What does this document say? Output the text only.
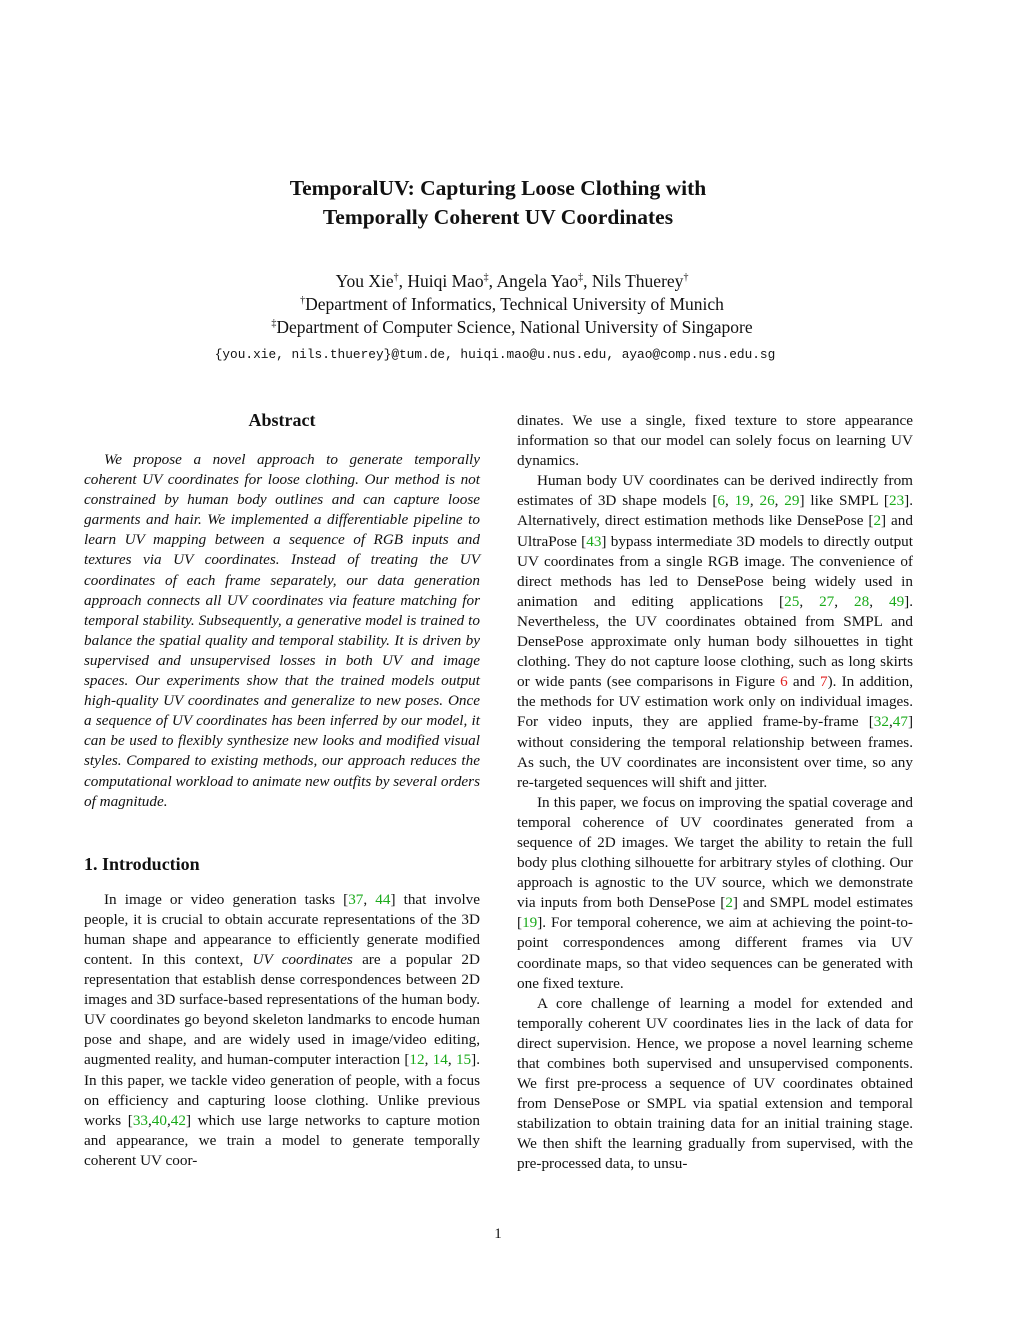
TemporalUV: Capturing Loose Clothing with
Temporally Coherent UV Coordinates
You Xie†, Huiqi Mao‡, Angela Yao‡, Nils Thuerey†
†Department of Informatics, Technical University of Munich
‡Department of Computer Science, National University of Singapore
{you.xie, nils.thuerey}@tum.de, huiqi.mao@u.nus.edu, ayao@comp.nus.edu.sg
Abstract

We propose a novel approach to generate temporally coherent UV coordinates for loose clothing. Our method is not constrained by human body outlines and can capture loose garments and hair. We implemented a differentiable pipeline to learn UV mapping between a sequence of RGB inputs and textures via UV coordinates. Instead of treating the UV coordinates of each frame separately, our data generation approach connects all UV coordinates via feature matching for temporal stability. Subsequently, a generative model is trained to balance the spatial quality and temporal stability. It is driven by supervised and unsupervised losses in both UV and image spaces. Our experiments show that the trained models output high-quality UV coordinates and generalize to new poses. Once a sequence of UV coordinates has been inferred by our model, it can be used to flexibly synthesize new looks and modified visual styles. Compared to existing methods, our approach reduces the computational workload to animate new outfits by several orders of magnitude.

1. Introduction

In image or video generation tasks [37, 44] that involve people, it is crucial to obtain accurate representations of the 3D human shape and appearance to efficiently generate modified content. In this context, UV coordinates are a popular 2D representation that establish dense correspondences between 2D images and 3D surface-based representations of the human body. UV coordinates go beyond skeleton landmarks to encode human pose and shape, and are widely used in image/video editing, augmented reality, and human-computer interaction [12, 14, 15]. In this paper, we tackle video generation of people, with a focus on efficiency and capturing loose clothing. Unlike previous works [33,40,42] which use large networks to capture motion and appearance, we train a model to generate temporally coherent UV coor-

dinates. We use a single, fixed texture to store appearance information so that our model can solely focus on learning UV dynamics.

Human body UV coordinates can be derived indirectly from estimates of 3D shape models [6, 19, 26, 29] like SMPL [23]. Alternatively, direct estimation methods like DensePose [2] and UltraPose [43] bypass intermediate 3D models to directly output UV coordinates from a single RGB image. The convenience of direct methods has led to DensePose being widely used in animation and editing applications [25, 27, 28, 49]. Nevertheless, the UV coordinates obtained from SMPL and DensePose approximate only human body silhouettes in tight clothing. They do not capture loose clothing, such as long skirts or wide pants (see comparisons in Figure 6 and 7). In addition, the methods for UV estimation work only on individual images. For video inputs, they are applied frame-by-frame [32,47] without considering the temporal relationship between frames. As such, the UV coordinates are inconsistent over time, so any re-targeted sequences will shift and jitter.

In this paper, we focus on improving the spatial coverage and temporal coherence of UV coordinates generated from a sequence of 2D images. We target the ability to retain the full body plus clothing silhouette for arbitrary styles of clothing. Our approach is agnostic to the UV source, which we demonstrate via inputs from both DensePose [2] and SMPL model estimates [19]. For temporal coherence, we aim at achieving the point-to-point correspondences among different frames via UV coordinate maps, so that video sequences can be generated with one fixed texture.

A core challenge of learning a model for extended and temporally coherent UV coordinates lies in the lack of data for direct supervision. Hence, we propose a novel learning scheme that combines both supervised and unsupervised components. We first pre-process a sequence of UV coordinates obtained from DensePose or SMPL via spatial extension and temporal stabilization to obtain training data for an initial training stage. We then shift the learning gradually from supervised, with the pre-processed data, to unsu-

1
